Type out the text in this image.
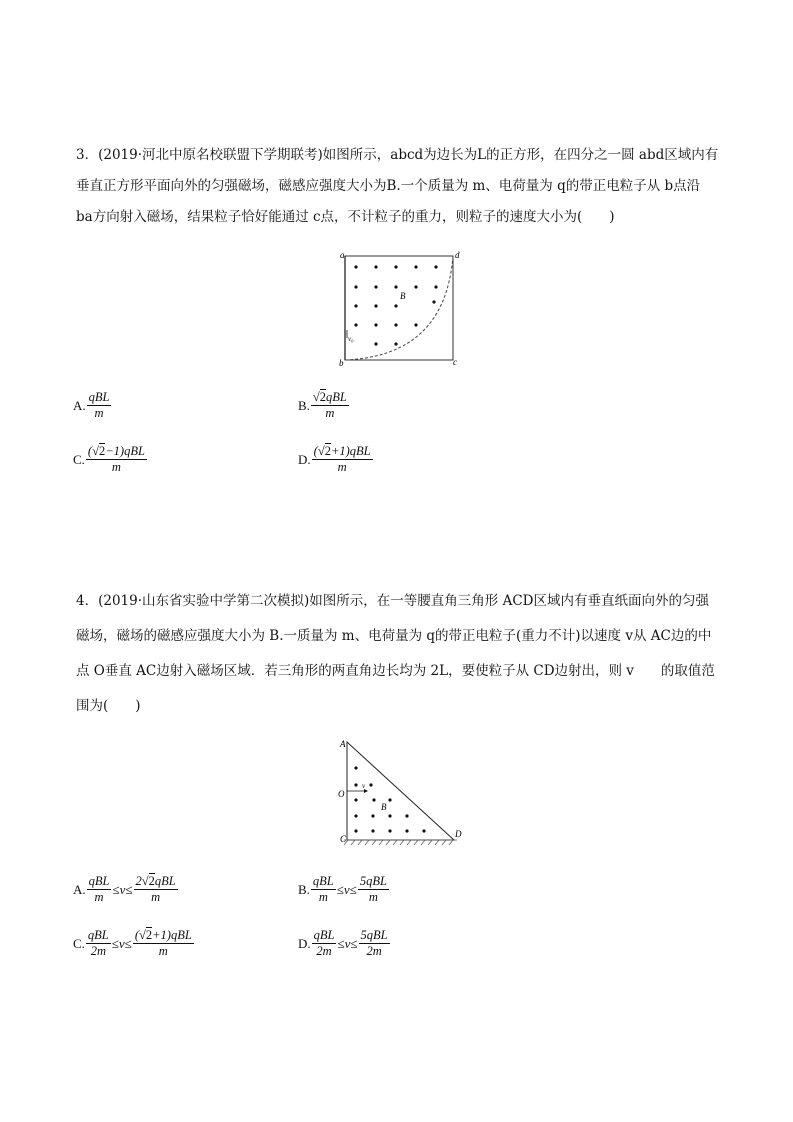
3．(2019·河北中原名校联盟下学期联考)如图所示，abcd为边长为L的正方形，在四分之一圆 abd区域内有
垂直正方形平面向外的匀强磁场，磁感应强度大小为B.一个质量为 m、电荷量为 q的带正电粒子从 b点沿
ba方向射入磁场，结果粒子恰好能通过 c点，不计粒子的重力，则粒子的速度大小为(　　)
a	d
b	c
B
v₀
A. $\frac{\text{qBL}}{m}$	B. $\frac{\text{√2qBL}}{m}$
C. $\frac{\text{(√2−1)qBL}}{m}$	D. $\frac{\text{(√2+1)qBL}}{m}$
4．(2019·山东省实验中学第二次模拟)如图所示，在一等腰直角三角形 ACD区域内有垂直纸面向外的匀强
磁场，磁场的磁感应强度大小为 B.一质量为 m、电荷量为 q的带正电粒子(重力不计)以速度 v从 AC边的中
点 O垂直 AC边射入磁场区域．若三角形的两直角边长均为 2L，要使粒子从 CD边射出，则 v　　的取值范
围为(　　)
A
O
C	D
B
v
A. $\frac{\text{qBL}}{m} \le v\le \frac{\text{2√2qBL}}{m}$	B. $\frac{\text{qBL}}{m} \le v\le \frac{\text{5qBL}}{m}$
C. $\frac{\text{qBL}}{2m} \le v\le \frac{\text{(√2+1)qBL}}{m}$	D. $\frac{\text{qBL}}{2m} \le v\le \frac{\text{5qBL}}{2m}$
